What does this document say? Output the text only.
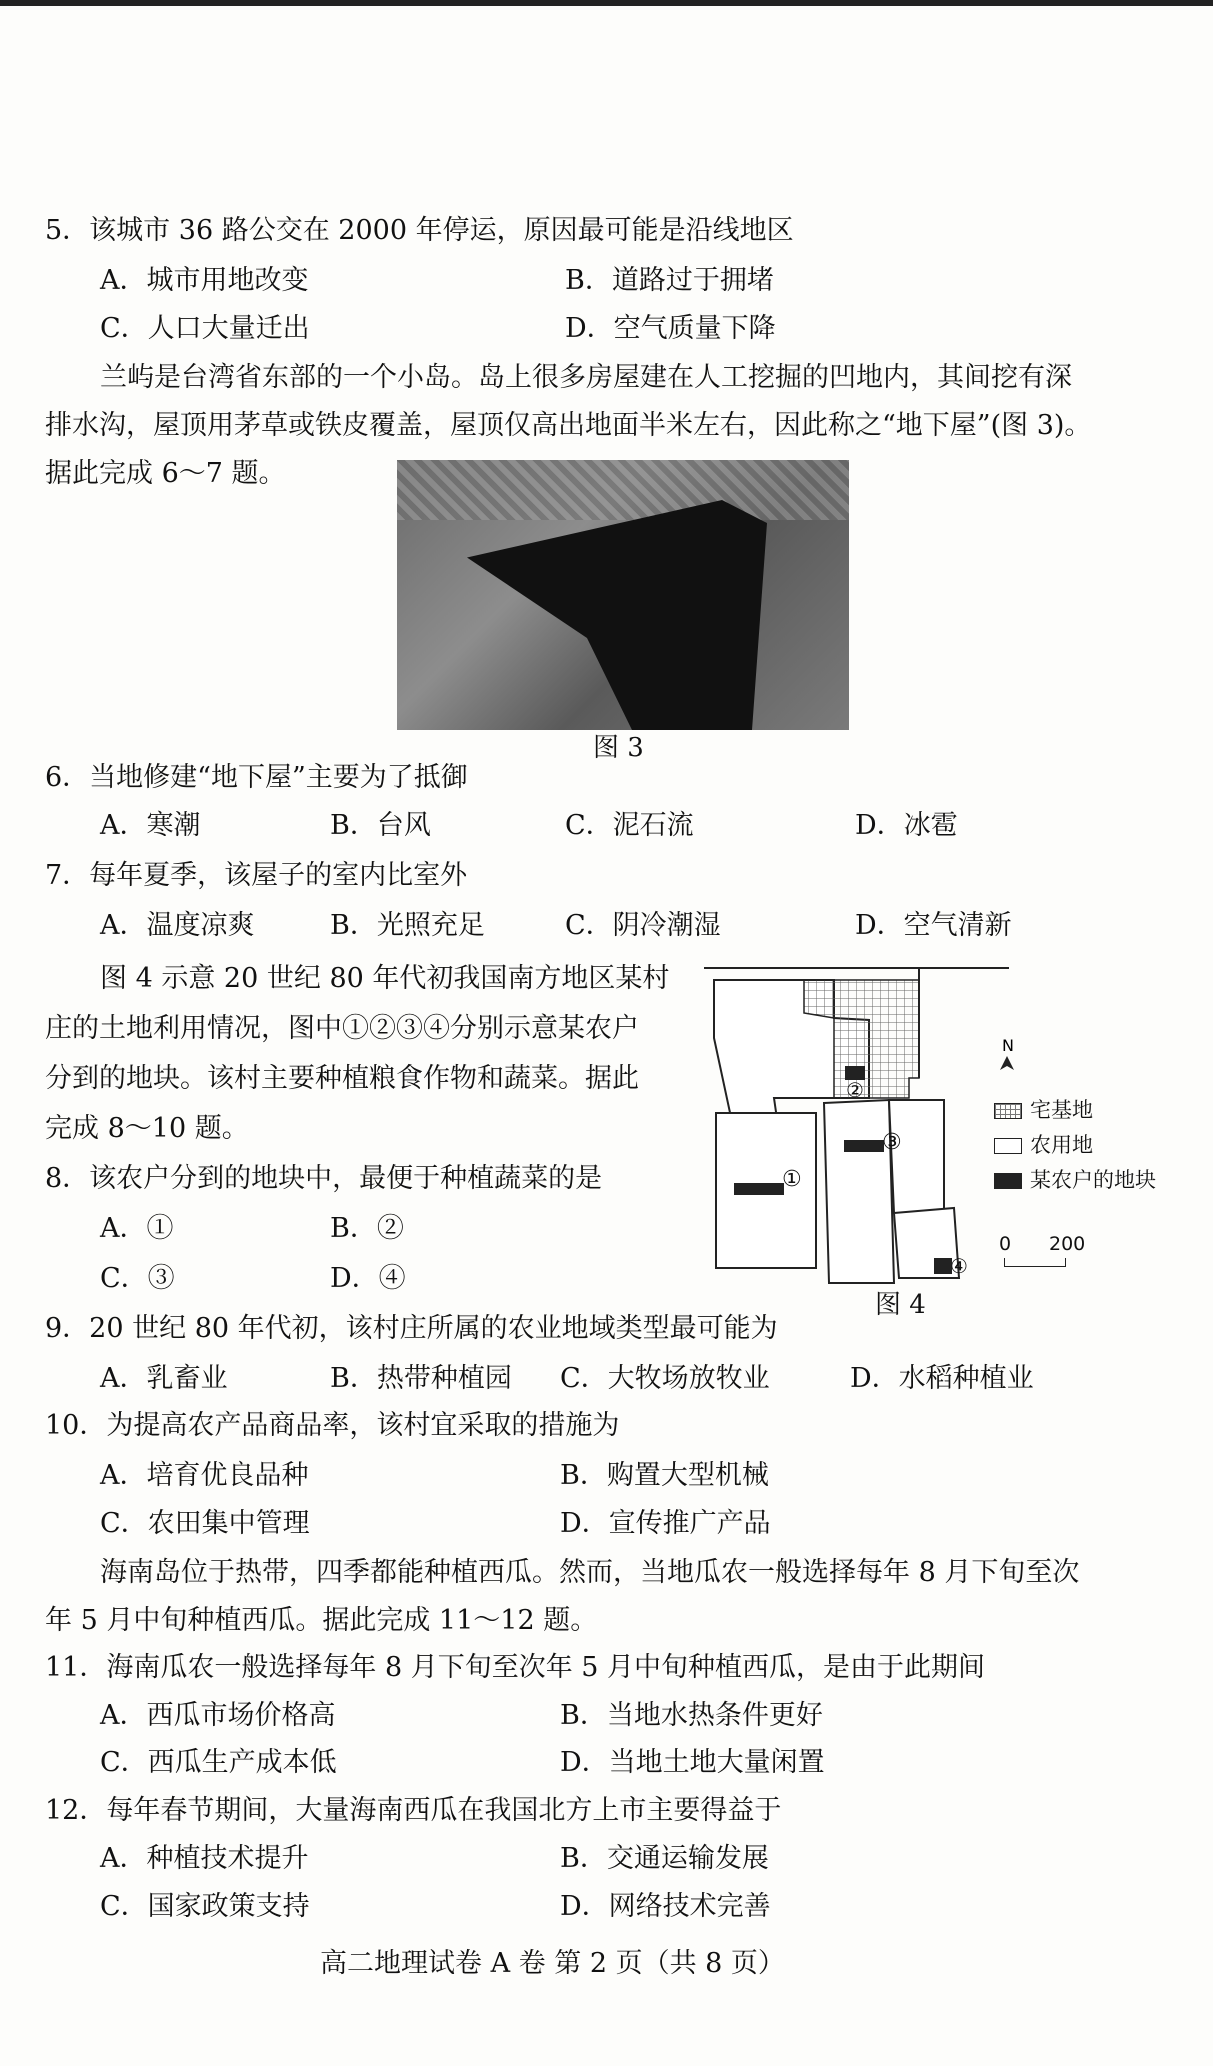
5．该城市 36 路公交在 2000 年停运，原因最可能是沿线地区
A．城市用地改变	B．道路过于拥堵
C．人口大量迁出	D．空气质量下降
兰屿是台湾省东部的一个小岛。岛上很多房屋建在人工挖掘的凹地内，其间挖有深
排水沟，屋顶用茅草或铁皮覆盖，屋顶仅高出地面半米左右，因此称之“地下屋”(图 3)。
据此完成 6～7 题。
图 3
6．当地修建“地下屋”主要为了抵御
A．寒潮	B．台风	C．泥石流	D．冰雹
7．每年夏季，该屋子的室内比室外
A．温度凉爽	B．光照充足	C．阴冷潮湿	D．空气清新
图 4 示意 20 世纪 80 年代初我国南方地区某村
庄的土地利用情况，图中①②③④分别示意某农户
分到的地块。该村主要种植粮食作物和蔬菜。据此
完成 8～10 题。
8．该农户分到的地块中，最便于种植蔬菜的是
A．①	B．②
C．③	D．④
N
①
②
③
④
宅基地
农用地
某农户的地块
0 200
图 4
9．20 世纪 80 年代初，该村庄所属的农业地域类型最可能为
A．乳畜业	B．热带种植园 C．大牧场放牧业	D．水稻种植业
10．为提高农产品商品率，该村宜采取的措施为
A．培育优良品种	B．购置大型机械
C．农田集中管理	D．宣传推广产品
海南岛位于热带，四季都能种植西瓜。然而，当地瓜农一般选择每年 8 月下旬至次
年 5 月中旬种植西瓜。据此完成 11～12 题。
11．海南瓜农一般选择每年 8 月下旬至次年 5 月中旬种植西瓜，是由于此期间
A．西瓜市场价格高	B．当地水热条件更好
C．西瓜生产成本低	D．当地土地大量闲置
12．每年春节期间，大量海南西瓜在我国北方上市主要得益于
A．种植技术提升	B．交通运输发展
C．国家政策支持	D．网络技术完善
高二地理试卷 A 卷 第 2 页（共 8 页）
